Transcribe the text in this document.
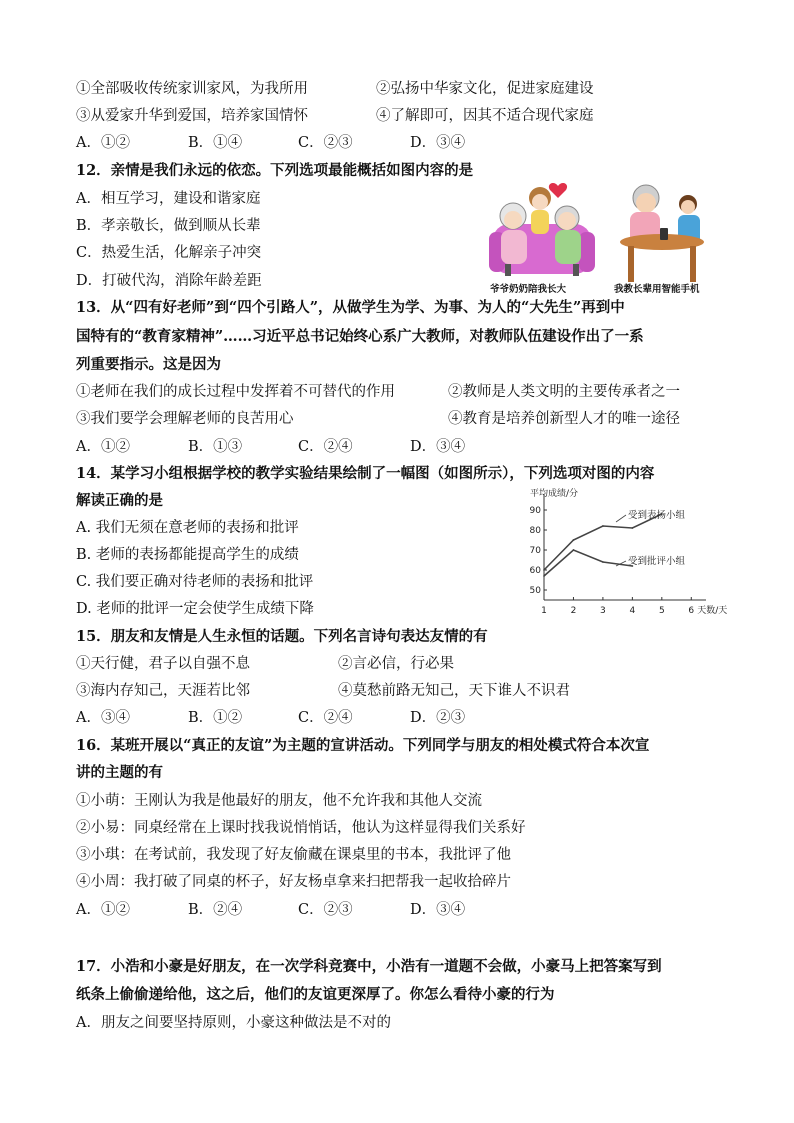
①全部吸收传统家训家风，为我所用	②弘扬中华家文化，促进家庭建设
③从爱家升华到爱国，培养家国情怀	④了解即可，因其不适合现代家庭
A．①②	B．①④	C．②③	D．③④
12．亲情是我们永远的依恋。下列选项最能概括如图内容的是
A．相互学习，建设和谐家庭
B．孝亲敬长，做到顺从长辈
C．热爱生活，化解亲子冲突
D．打破代沟，消除年龄差距
爷爷奶奶陪我长大	我教长辈用智能手机
13．从“四有好老师”到“四个引路人”，从做学生为学、为事、为人的“大先生”再到中
国特有的“教育家精神”……习近平总书记始终心系广大教师，对教师队伍建设作出了一系
列重要指示。这是因为
①老师在我们的成长过程中发挥着不可替代的作用	②教师是人类文明的主要传承者之一
③我们要学会理解老师的良苦用心	④教育是培养创新型人才的唯一途径
A．①②	B．①③	C．②④	D．③④
14．某学习小组根据学校的教学实验结果绘制了一幅图（如图所示），下列选项对图的内容
解读正确的是
A. 我们无须在意老师的表扬和批评
B. 老师的表扬都能提高学生的成绩
C. 我们要正确对待老师的表扬和批评
D. 老师的批评一定会使学生成绩下降
平均成绩/分
50
60
70
80
90
1	2	3	4	5	6 天数/天
受到表扬小组
受到批评小组
15．朋友和友情是人生永恒的话题。下列名言诗句表达友情的有
①天行健，君子以自强不息	②言必信，行必果
③海内存知己，天涯若比邻	④莫愁前路无知己，天下谁人不识君
A．③④	B．①②	C．②④	D．②③
16．某班开展以“真正的友谊”为主题的宣讲活动。下列同学与朋友的相处模式符合本次宣
讲的主题的有
①小萌：王刚认为我是他最好的朋友，他不允许我和其他人交流
②小易：同桌经常在上课时找我说悄悄话，他认为这样显得我们关系好
③小琪：在考试前，我发现了好友偷藏在课桌里的书本，我批评了他
④小周：我打破了同桌的杯子，好友杨卓拿来扫把帮我一起收拾碎片
A．①②	B．②④	C．②③	D．③④
17．小浩和小豪是好朋友，在一次学科竞赛中，小浩有一道题不会做，小豪马上把答案写到
纸条上偷偷递给他，这之后，他们的友谊更深厚了。你怎么看待小豪的行为
A．朋友之间要坚持原则，小豪这种做法是不对的
